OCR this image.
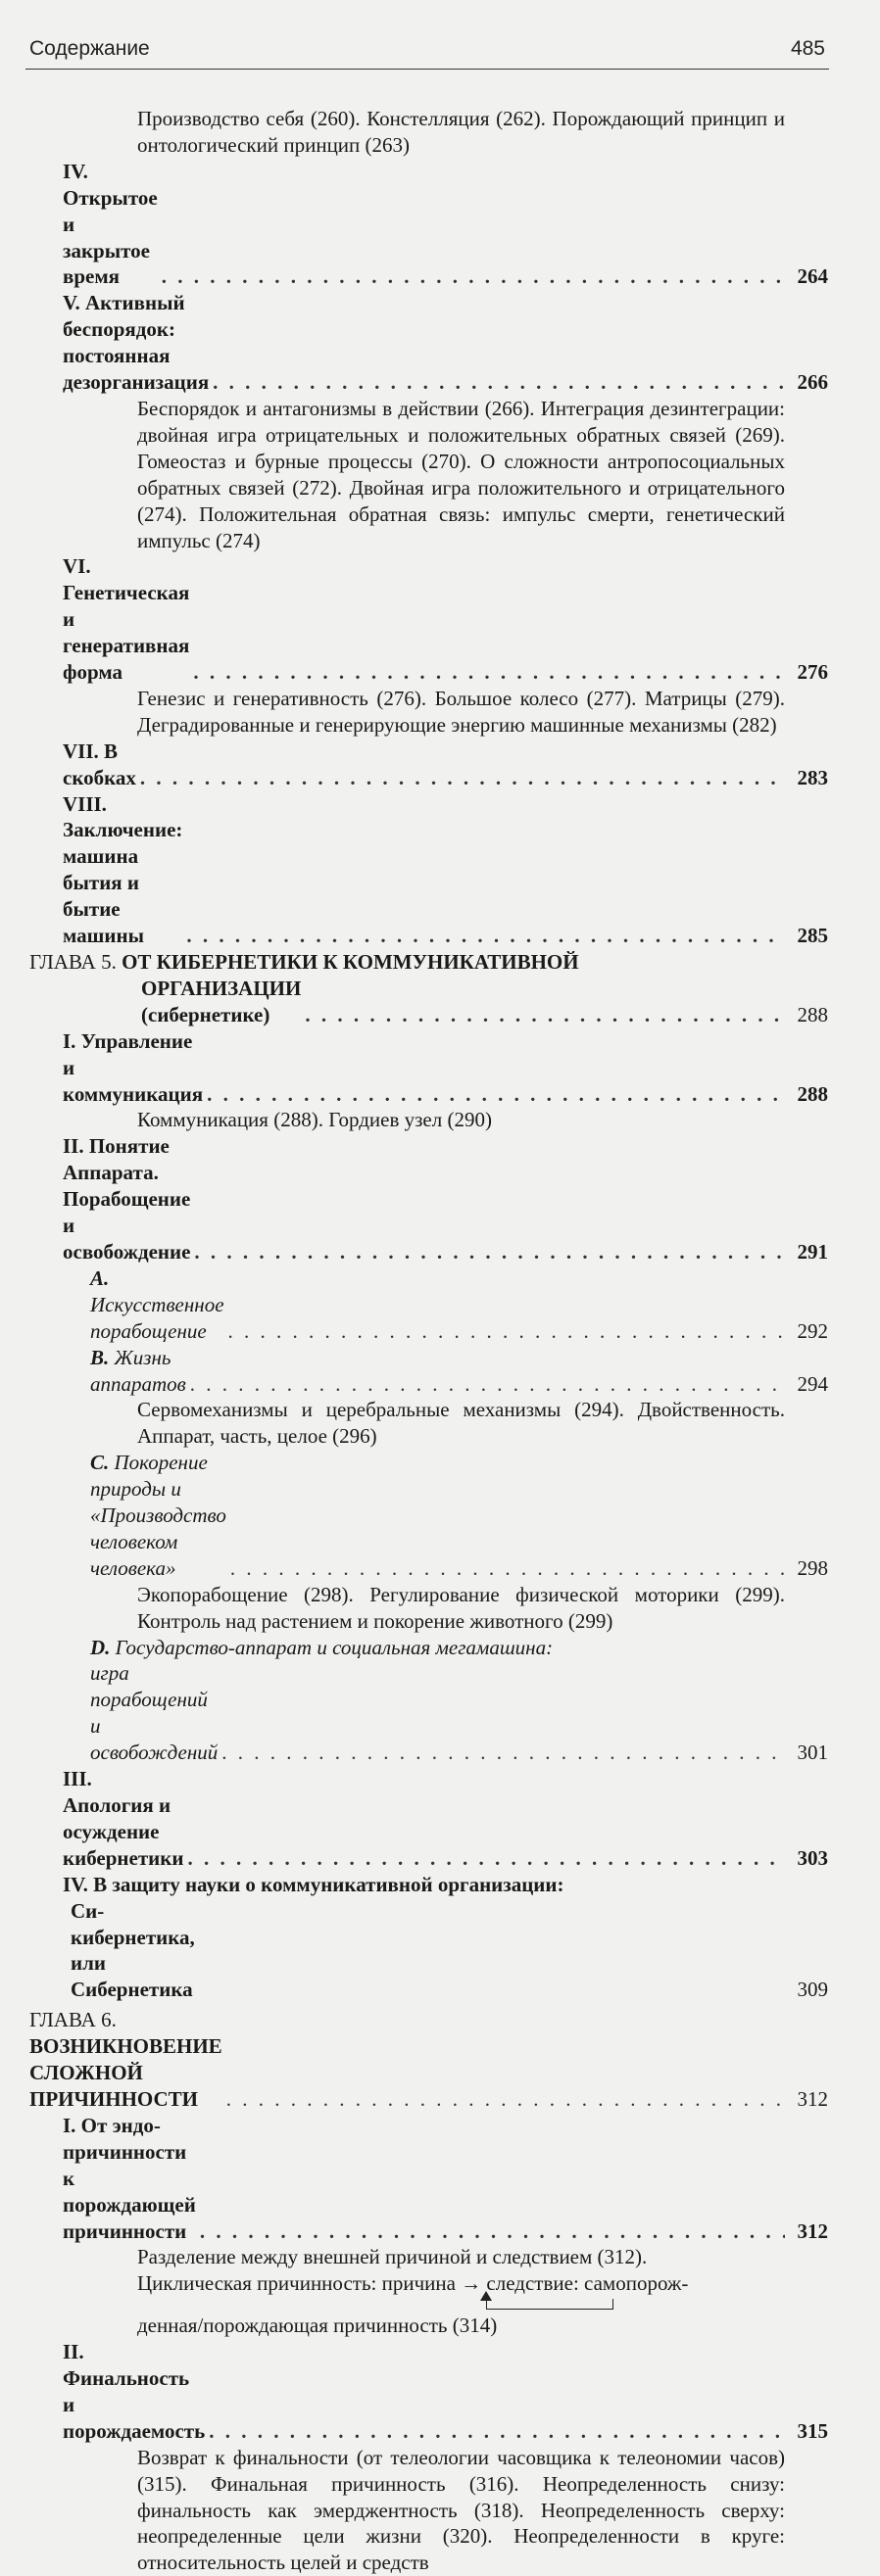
Содержание	485
Производство себя (260). Констелляция (262). Порождающий принцип и онтологический принцип (263)
IV. Открытое и закрытое время . . .	264
V. Активный беспорядок: постоянная дезорганизация . . .	266
Беспорядок и антагонизмы в действии (266). Интеграция дезинтеграции: двойная игра отрицательных и положительных обратных связей (269). Гомеостаз и бурные процессы (270). О сложности антропосоциальных обратных связей (272). Двойная игра положительного и отрицательного (274). Положительная обратная связь: импульс смерти, генетический импульс (274)
VI. Генетическая и генеративная форма . . .	276
Генезис и генеративность (276). Большое колесо (277). Матрицы (279). Деградированные и генерирующие энергию машинные механизмы (282)
VII. В скобках . . .	283
VIII. Заключение: машина бытия и бытие машины . . .	285
ГЛАВА 5. ОТ КИБЕРНЕТИКИ К КОММУНИКАТИВНОЙ
ОРГАНИЗАЦИИ (сибернетике) . . .	288
I. Управление и коммуникация . . .	288
Коммуникация (288). Гордиев узел (290)
II. Понятие Аппарата. Порабощение и освобождение . . .	291
A. Искусственное порабощение . . .	292
B. Жизнь аппаратов . . .	294
Сервомеханизмы и церебральные механизмы (294). Двойственность. Аппарат, часть, целое (296)
C. Покорение природы и «Производство человеком человека» . . .	298
Экопорабощение (298). Регулирование физической моторики (299). Контроль над растением и покорение животного (299)
D. Государство-аппарат и социальная мегамашина:
игра порабощений и освобождений . . .	301
III. Апология и осуждение кибернетики . . .	303
IV. В защиту науки о коммуникативной организации:
Си-кибернетика, или Сибернетика	309
ГЛАВА 6. ВОЗНИКНОВЕНИЕ СЛОЖНОЙ ПРИЧИННОСТИ . . .	312
I. От эндо-причинности к порождающей причинности . . .	312
Разделение между внешней причиной и следствием (312).
Циклическая причинность: причина → следствие: самопорож-
денная/порождающая причинность (314)
II. Финальность и порождаемость . . .	315
Возврат к финальности (от телеологии часовщика к телеономии часов) (315). Финальная причинность (316). Неопределенность снизу: финальность как эмерджентность (318). Неопределенность сверху: неопределенные цели жизни (320). Неопределенности в круге: относительность целей и средств
